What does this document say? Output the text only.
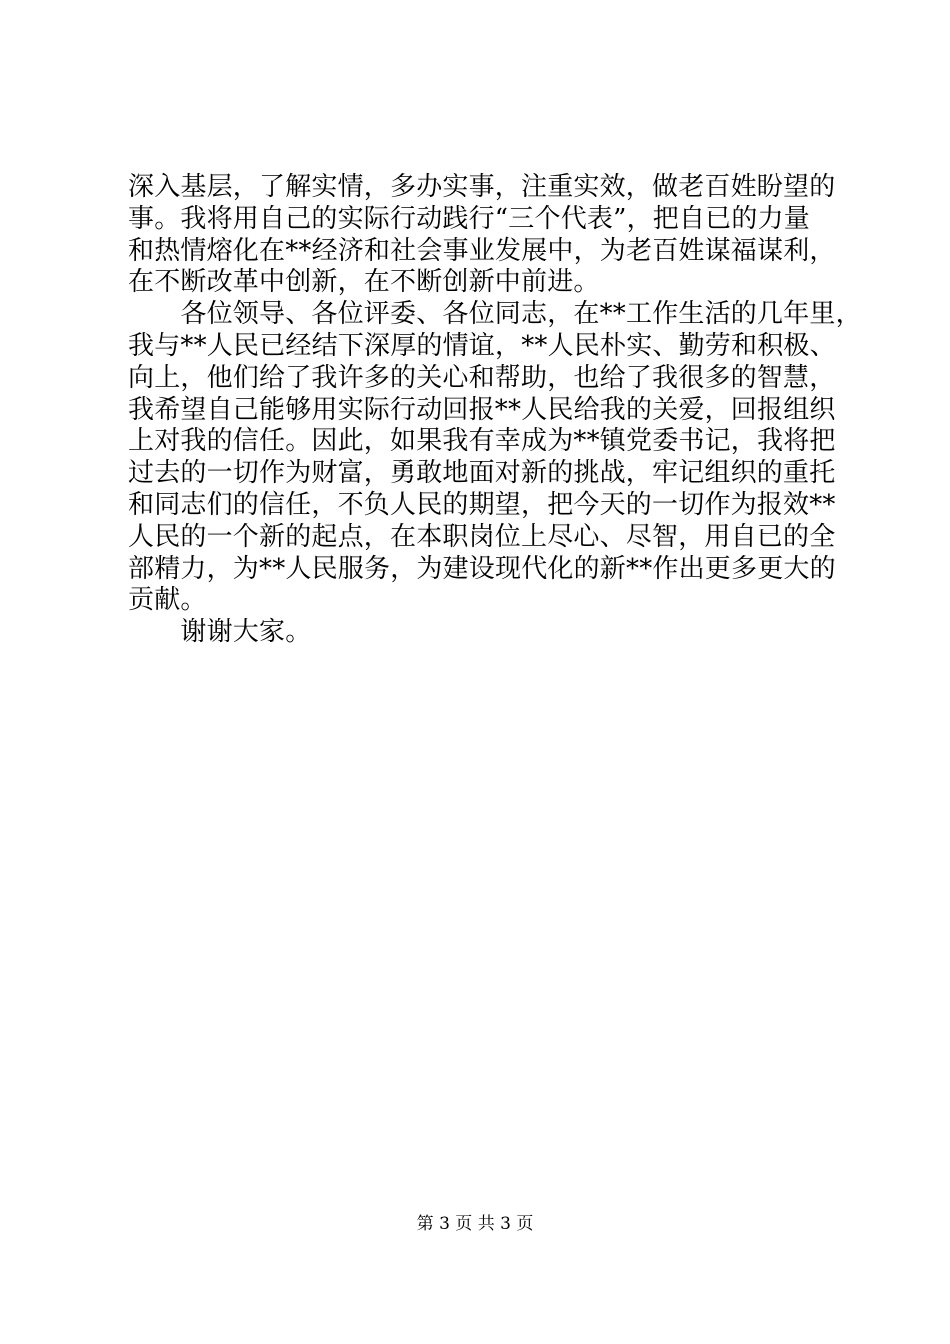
深入基层，了解实情，多办实事，注重实效，做老百姓盼望的
事。我将用自己的实际行动践行“三个代表”，把自已的力量
和热情熔化在**经济和社会事业发展中，为老百姓谋福谋利，
在不断改革中创新，在不断创新中前进。
　　各位领导、各位评委、各位同志，在**工作生活的几年里，
我与**人民已经结下深厚的情谊，**人民朴实、勤劳和积极、
向上，他们给了我许多的关心和帮助，也给了我很多的智慧，
我希望自己能够用实际行动回报**人民给我的关爱，回报组织
上对我的信任。因此，如果我有幸成为**镇党委书记，我将把
过去的一切作为财富，勇敢地面对新的挑战，牢记组织的重托
和同志们的信任，不负人民的期望，把今天的一切作为报效**
人民的一个新的起点，在本职岗位上尽心、尽智，用自已的全
部精力，为**人民服务，为建设现代化的新**作出更多更大的
贡献。
　　谢谢大家。
第 3 页 共 3 页
